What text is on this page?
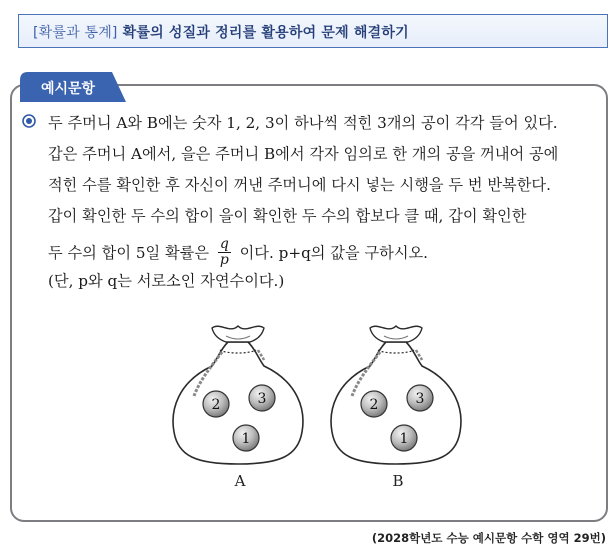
[확률과 통계] 확률의 성질과 정리를 활용하여 문제 해결하기
예시문항

두 주머니 A와 B에는 숫자 1, 2, 3이 하나씩 적힌 3개의 공이 각각 들어 있다.

갑은 주머니 A에서, 을은 주머니 B에서 각자 임의로 한 개의 공을 꺼내어 공에

적힌 수를 확인한 후 자신이 꺼낸 주머니에 다시 넣는 시행을 두 번 반복한다.

갑이 확인한 두 수의 합이 을이 확인한 두 수의 합보다 클 때, 갑이 확인한

두 수의 합이 5일 확률은 $\frac{q}{p}$ 이다. p+q의 값을 구하시오.

(단, p와 q는 서로소인 자연수이다.)
2	3
1
A
2	3
1
B
(2028학년도 수능 예시문항 수학 영역 29번)
